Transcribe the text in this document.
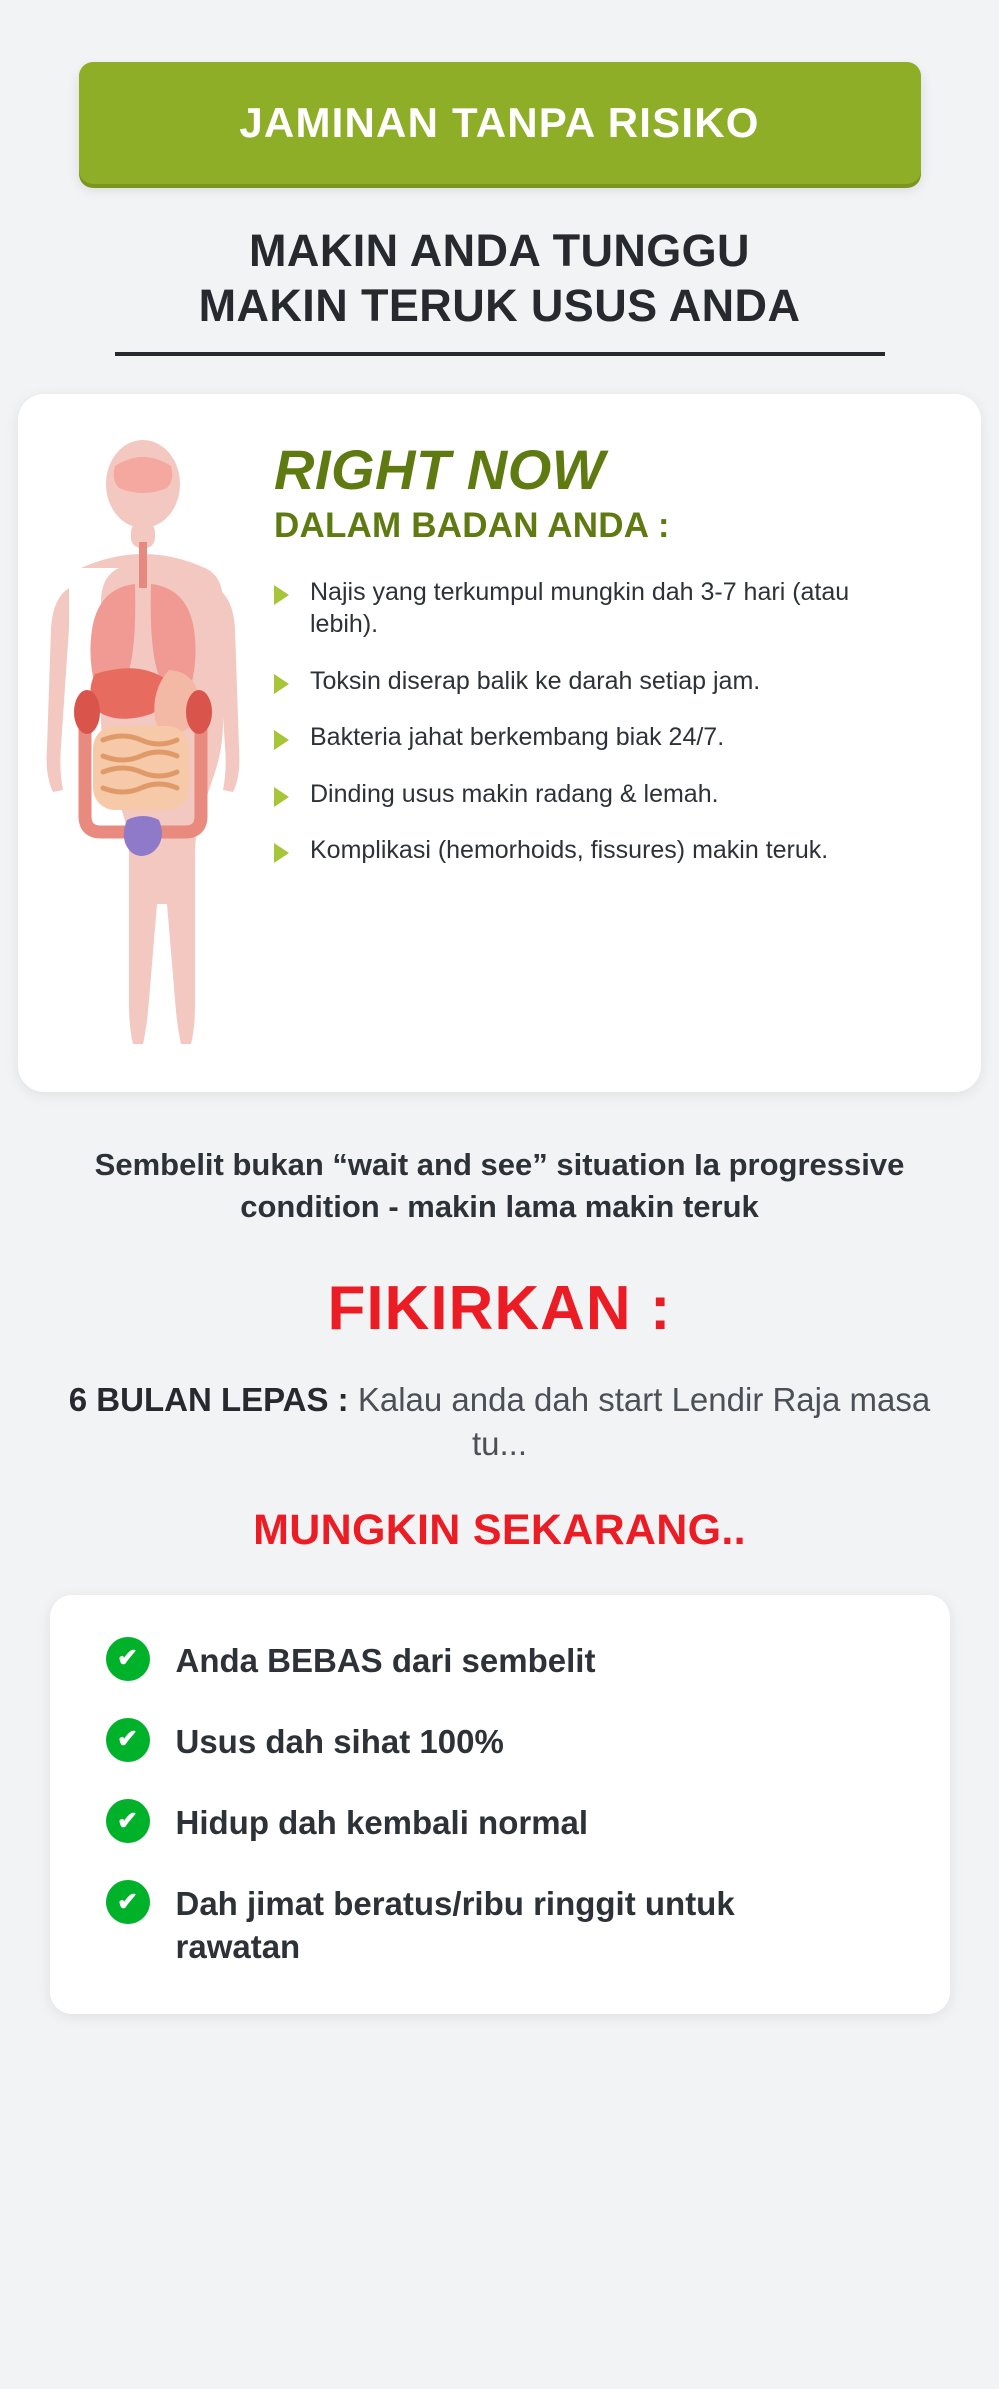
JAMINAN TANPA RISIKO
MAKIN ANDA TUNGGU
MAKIN TERUK USUS ANDA
RIGHT NOW
DALAM BADAN ANDA :
Najis yang terkumpul mungkin dah 3-7 hari (atau lebih).
Toksin diserap balik ke darah setiap jam.
Bakteria jahat berkembang biak 24/7.
Dinding usus makin radang & lemah.
Komplikasi (hemorhoids, fissures) makin teruk.
Sembelit bukan “wait and see” situation Ia progressive condition - makin lama makin teruk
FIKIRKAN :
6 BULAN LEPAS : Kalau anda dah start Lendir Raja masa tu...
MUNGKIN SEKARANG..
✔	Anda BEBAS dari sembelit
✔	Usus dah sihat 100%
✔	Hidup dah kembali normal
✔	Dah jimat beratus/ribu ringgit untuk rawatan
